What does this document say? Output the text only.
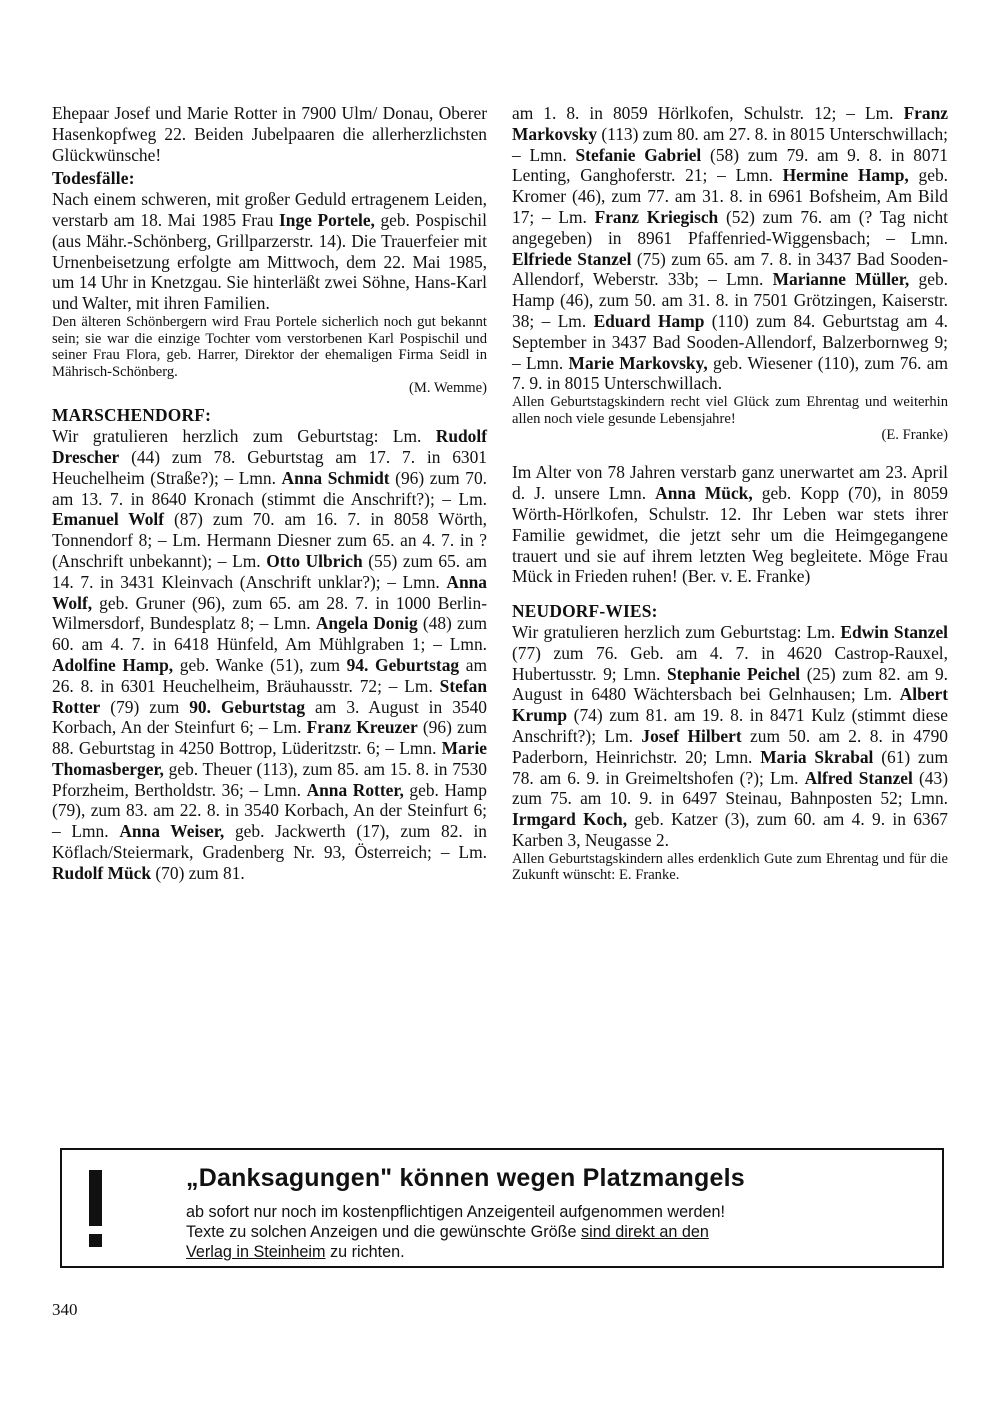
Ehepaar Josef und Marie Rotter in 7900 Ulm/ Donau, Oberer Hasenkopfweg 22. Beiden Jubelpaaren die allerherzlichsten Glückwünsche!

Todesfälle:

Nach einem schweren, mit großer Geduld ertragenem Leiden, verstarb am 18. Mai 1985 Frau Inge Portele, geb. Pospischil (aus Mähr.-Schönberg, Grillparzerstr. 14). Die Trauerfeier mit Urnenbeisetzung erfolgte am Mittwoch, dem 22. Mai 1985, um 14 Uhr in Knetzgau. Sie hinterläßt zwei Söhne, Hans-Karl und Walter, mit ihren Familien.

Den älteren Schönbergern wird Frau Portele sicherlich noch gut bekannt sein; sie war die einzige Tochter vom verstorbenen Karl Pospischil und seiner Frau Flora, geb. Harrer, Direktor der ehemaligen Firma Seidl in Mährisch-Schönberg.

(M. Wemme)

MARSCHENDORF:

Wir gratulieren herzlich zum Geburtstag: Lm. Rudolf Drescher (44) zum 78. Geburtstag am 17. 7. in 6301 Heuchelheim (Straße?); – Lmn. Anna Schmidt (96) zum 70. am 13. 7. in 8640 Kronach (stimmt die Anschrift?); – Lm. Emanuel Wolf (87) zum 70. am 16. 7. in 8058 Wörth, Tonnendorf 8; – Lm. Hermann Diesner zum 65. an 4. 7. in ? (Anschrift unbekannt); – Lm. Otto Ulbrich (55) zum 65. am 14. 7. in 3431 Kleinvach (Anschrift unklar?); – Lmn. Anna Wolf, geb. Gruner (96), zum 65. am 28. 7. in 1000 Berlin-Wilmersdorf, Bundesplatz 8; – Lmn. Angela Donig (48) zum 60. am 4. 7. in 6418 Hünfeld, Am Mühlgraben 1; – Lmn. Adolfine Hamp, geb. Wanke (51), zum 94. Geburtstag am 26. 8. in 6301 Heuchelheim, Bräuhausstr. 72; – Lm. Stefan Rotter (79) zum 90. Geburtstag am 3. August in 3540 Korbach, An der Steinfurt 6; – Lm. Franz Kreuzer (96) zum 88. Geburtstag in 4250 Bottrop, Lüderitzstr. 6; – Lmn. Marie Thomasberger, geb. Theuer (113), zum 85. am 15. 8. in 7530 Pforzheim, Bertholdstr. 36; – Lmn. Anna Rotter, geb. Hamp (79), zum 83. am 22. 8. in 3540 Korbach, An der Steinfurt 6; – Lmn. Anna Weiser, geb. Jackwerth (17), zum 82. in Köflach/Steiermark, Gradenberg Nr. 93, Österreich; – Lm. Rudolf Mück (70) zum 81.

am 1. 8. in 8059 Hörlkofen, Schulstr. 12; – Lm. Franz Markovsky (113) zum 80. am 27. 8. in 8015 Unterschwillach; – Lmn. Stefanie Gabriel (58) zum 79. am 9. 8. in 8071 Lenting, Ganghoferstr. 21; – Lmn. Hermine Hamp, geb. Kromer (46), zum 77. am 31. 8. in 6961 Bofsheim, Am Bild 17; – Lm. Franz Kriegisch (52) zum 76. am (? Tag nicht angegeben) in 8961 Pfaffenried-Wiggensbach; – Lmn. Elfriede Stanzel (75) zum 65. am 7. 8. in 3437 Bad Sooden-Allendorf, Weberstr. 33b; – Lmn. Marianne Müller, geb. Hamp (46), zum 50. am 31. 8. in 7501 Grötzingen, Kaiserstr. 38; – Lm. Eduard Hamp (110) zum 84. Geburtstag am 4. September in 3437 Bad Sooden-Allendorf, Balzerbornweg 9; – Lmn. Marie Markovsky, geb. Wiesener (110), zum 76. am 7. 9. in 8015 Unterschwillach.

Allen Geburtstagskindern recht viel Glück zum Ehrentag und weiterhin allen noch viele gesunde Lebensjahre!

(E. Franke)

Im Alter von 78 Jahren verstarb ganz unerwartet am 23. April d. J. unsere Lmn. Anna Mück, geb. Kopp (70), in 8059 Wörth-Hörlkofen, Schulstr. 12. Ihr Leben war stets ihrer Familie gewidmet, die jetzt sehr um die Heimgegangene trauert und sie auf ihrem letzten Weg begleitete. Möge Frau Mück in Frieden ruhen! (Ber. v. E. Franke)

NEUDORF-WIES:

Wir gratulieren herzlich zum Geburtstag: Lm. Edwin Stanzel (77) zum 76. Geb. am 4. 7. in 4620 Castrop-Rauxel, Hubertusstr. 9; Lmn. Stephanie Peichel (25) zum 82. am 9. August in 6480 Wächtersbach bei Gelnhausen; Lm. Albert Krump (74) zum 81. am 19. 8. in 8471 Kulz (stimmt diese Anschrift?); Lm. Josef Hilbert zum 50. am 2. 8. in 4790 Paderborn, Heinrichstr. 20; Lmn. Maria Skrabal (61) zum 78. am 6. 9. in Greimeltshofen (?); Lm. Alfred Stanzel (43) zum 75. am 10. 9. in 6497 Steinau, Bahnposten 52; Lmn. Irmgard Koch, geb. Katzer (3), zum 60. am 4. 9. in 6367 Karben 3, Neugasse 2.

Allen Geburtstagskindern alles erdenklich Gute zum Ehrentag und für die Zukunft wünscht: E. Franke.

„Danksagungen" können wegen Platzmangels

ab sofort nur noch im kostenpflichtigen Anzeigenteil aufgenommen werden!

Texte zu solchen Anzeigen und die gewünschte Größe sind direkt an den

Verlag in Steinheim zu richten.

340
